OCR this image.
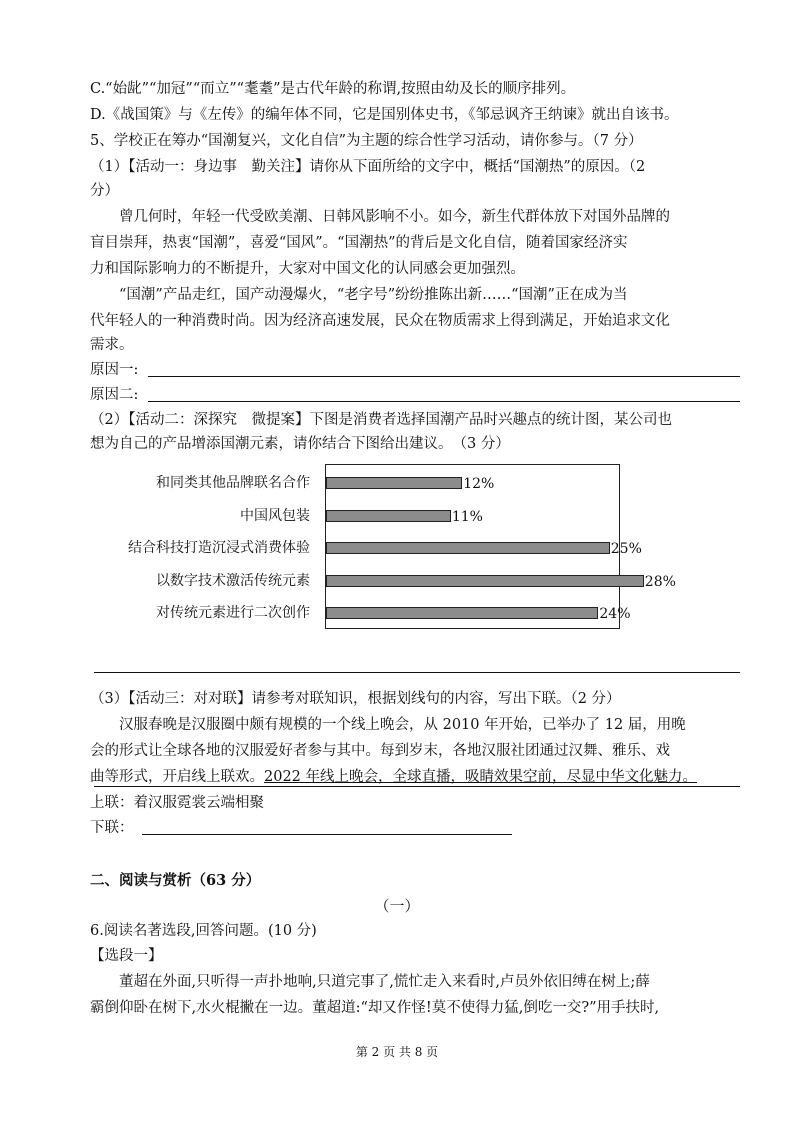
C.“始龀”“加冠”“而立”“耄耋”是古代年龄的称谓,按照由幼及长的顺序排列。
D.《战国策》与《左传》的编年体不同，它是国别体史书，《邹忌讽齐王纳谏》就出自该书。
5、学校正在筹办“国潮复兴，文化自信”为主题的综合性学习活动，请你参与。（7 分）
（1）【活动一：身边事　勤关注】请你从下面所给的文字中，概括“国潮热”的原因。（2
分）
曾几何时，年轻一代受欧美潮、日韩风影响不小。如今，新生代群体放下对国外品牌的
盲目崇拜，热衷“国潮”，喜爱“国风”。“国潮热”的背后是文化自信，随着国家经济实
力和国际影响力的不断提升，大家对中国文化的认同感会更加强烈。
“国潮”产品走红，国产动漫爆火，“老字号”纷纷推陈出新……“国潮”正在成为当
代年轻人的一种消费时尚。因为经济高速发展，民众在物质需求上得到满足，开始追求文化
需求。
原因一:
原因二:
（2）【活动二：深探究　微提案】下图是消费者选择国潮产品时兴趣点的统计图，某公司也
想为自己的产品增添国潮元素，请你结合下图给出建议。　（3 分）
和同类其他品牌联名合作
中国风包装
结合科技打造沉浸式消费体验
以数字技术激活传统元素
对传统元素进行二次创作
12%
11%
25%
28%
24%
（3）【活动三：对对联】请参考对联知识，根据划线句的内容，写出下联。（2 分）
汉服春晚是汉服圈中颇有规模的一个线上晚会，从 2010 年开始，已举办了 12 届，用晚
会的形式让全球各地的汉服爱好者参与其中。每到岁末，各地汉服社团通过汉舞、雅乐、戏
曲等形式，开启线上联欢。2022 年线上晚会，全球直播，吸睛效果空前，尽显中华文化魅力。
上联：着汉服霓裳云端相聚
下联：
二、阅读与赏析（63 分）
（一）
6.阅读名著选段,回答问题。(10 分)
【选段一】
董超在外面,只听得一声扑地响,只道完事了,慌忙走入来看时,卢员外依旧缚在树上;薛
霸倒仰卧在树下,水火棍撇在一边。董超道:“却又作怪!莫不使得力猛,倒吃一交?”用手扶时,
第 2 页 共 8 页
